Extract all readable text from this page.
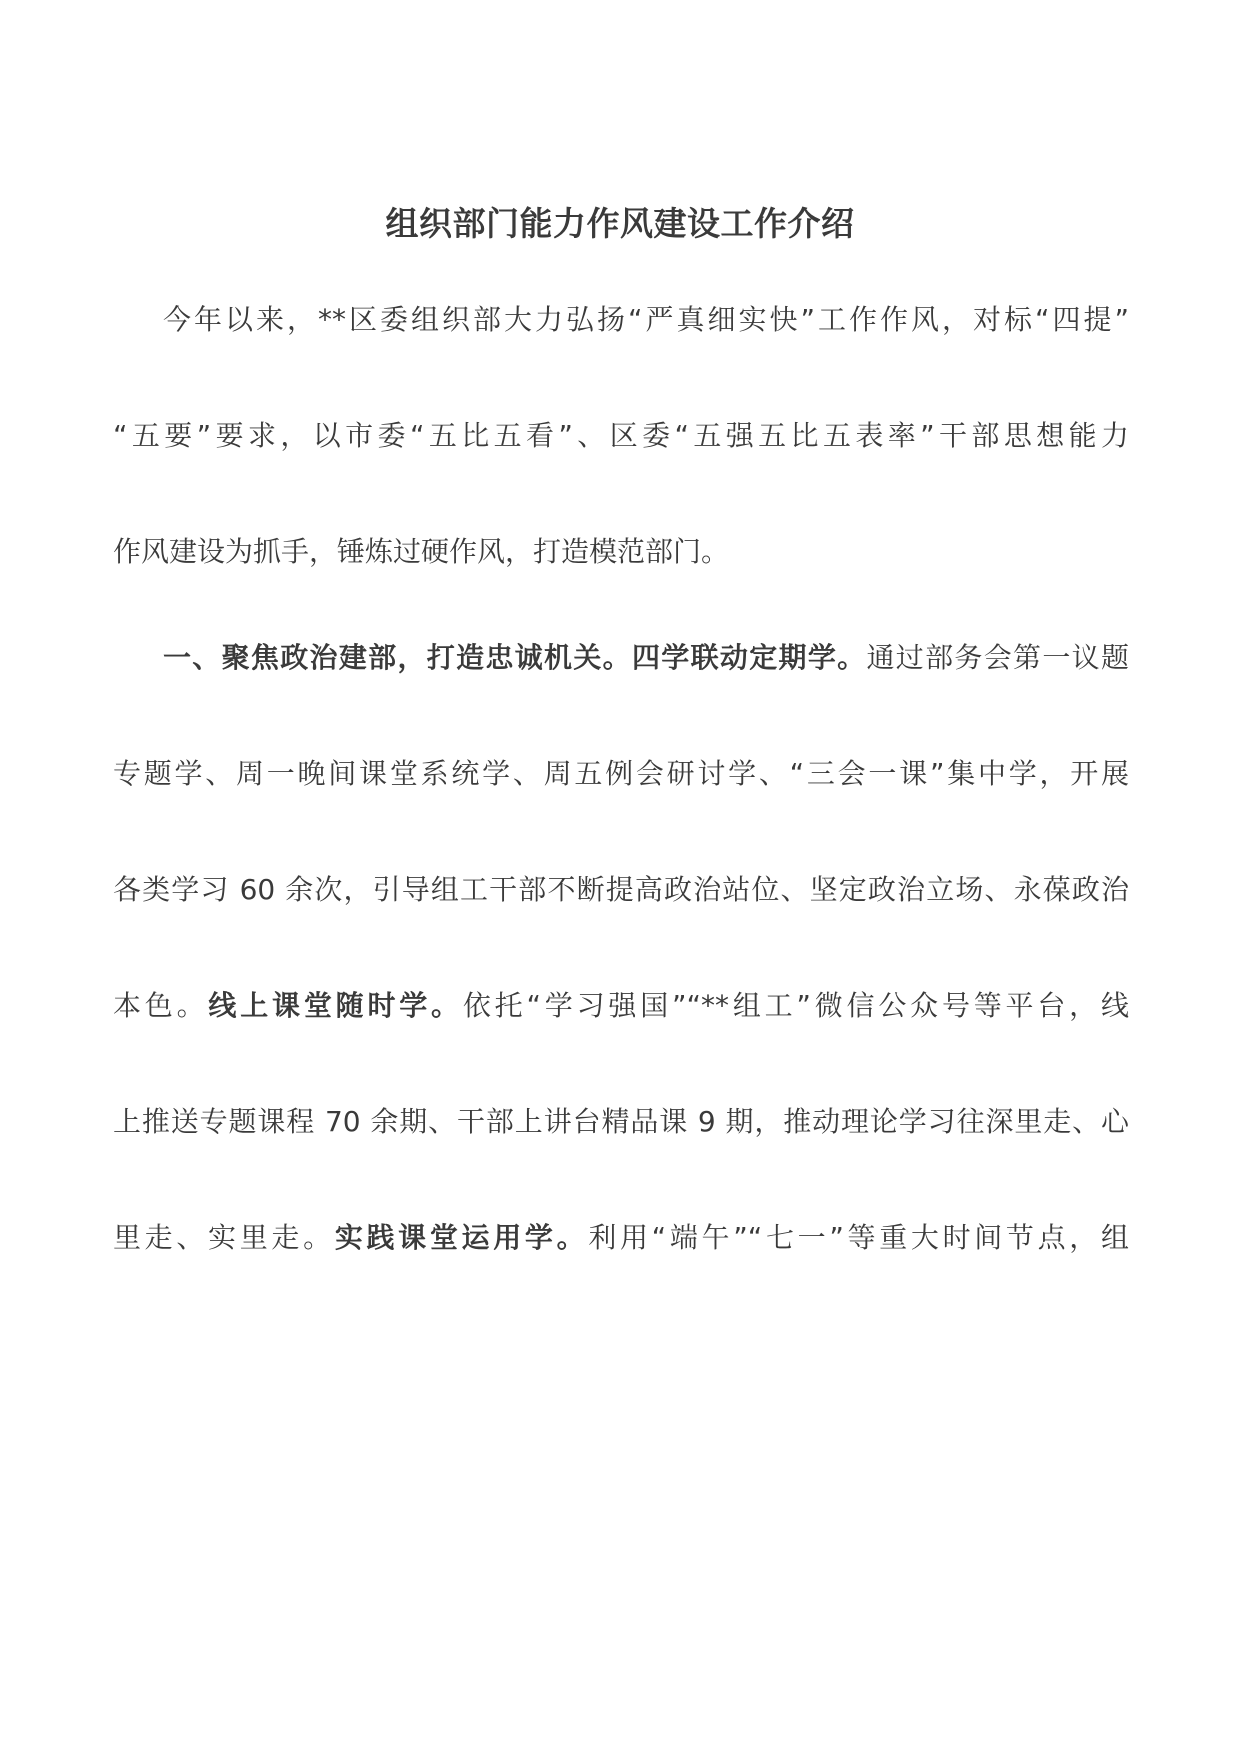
组织部门能力作风建设工作介绍
今年以来，**区委组织部大力弘扬“严真细实快”工作作风，对标“四提”
“五要”要求，以市委“五比五看”、区委“五强五比五表率”干部思想能力
作风建设为抓手，锤炼过硬作风，打造模范部门。
一、聚焦政治建部，打造忠诚机关。四学联动定期学。通过部务会第一议题
专题学、周一晚间课堂系统学、周五例会研讨学、“三会一课”集中学，开展
各类学习 60 余次，引导组工干部不断提高政治站位、坚定政治立场、永葆政治
本色。线上课堂随时学。依托“学习强国”“**组工”微信公众号等平台，线
上推送专题课程 70 余期、干部上讲台精品课 9 期，推动理论学习往深里走、心
里走、实里走。实践课堂运用学。利用“端午”“七一”等重大时间节点，组
